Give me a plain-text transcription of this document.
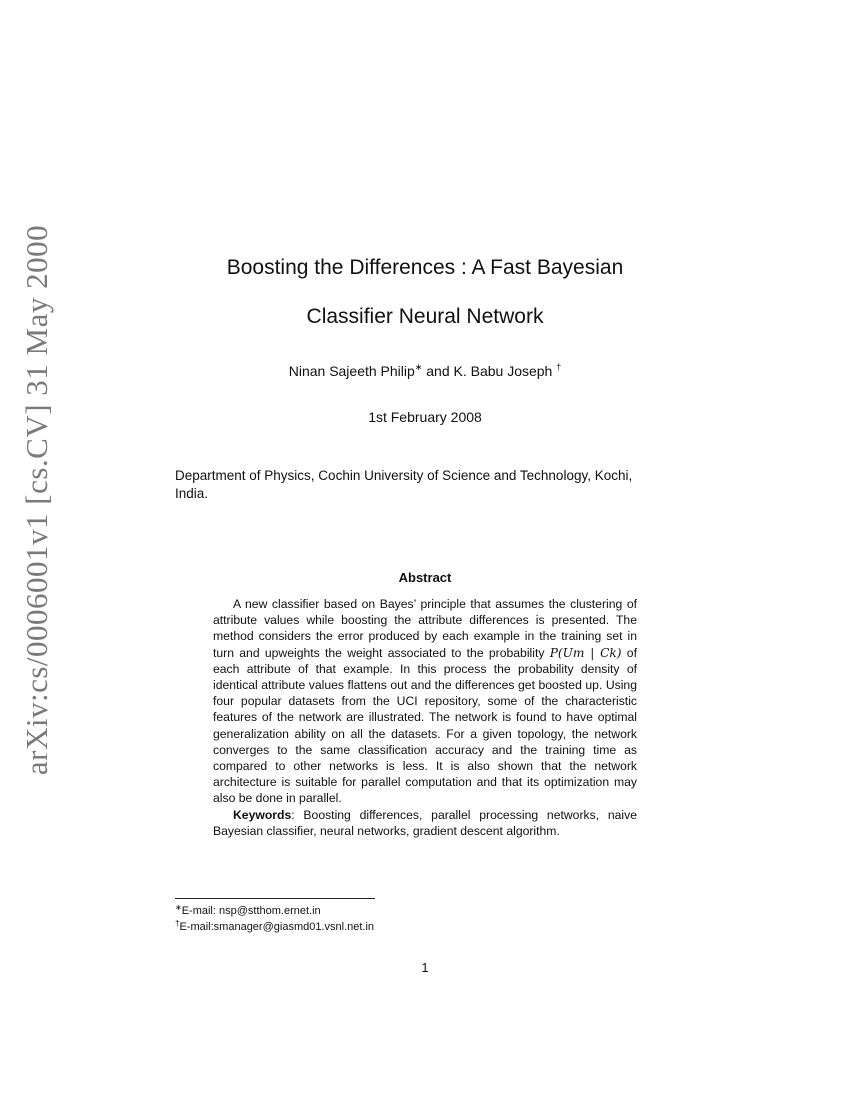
arXiv:cs/0006001v1 [cs.CV] 31 May 2000	Boosting the Differences : A Fast Bayesian
Classifier Neural Network
Ninan Sajeeth Philip∗ and K. Babu Joseph †
1st February 2008
Department of Physics, Cochin University of Science and Technology, Kochi, India.
Abstract

A new classifier based on Bayes’ principle that assumes the clustering of attribute values while boosting the attribute differences is presented. The method considers the error produced by each example in the training set in turn and upweights the weight associated to the probability P(Um | Ck) of each attribute of that example. In this process the probability density of identical attribute values flattens out and the differences get boosted up. Using four popular datasets from the UCI repository, some of the characteristic features of the network are illustrated. The network is found to have optimal generalization ability on all the datasets. For a given topology, the network converges to the same classification accuracy and the training time as compared to other networks is less. It is also shown that the network architecture is suitable for parallel computation and that its optimization may also be done in parallel.

Keywords: Boosting differences, parallel processing networks, naive Bayesian classifier, neural networks, gradient descent algorithm.

∗E-mail: nsp@stthom.ernet.in
†E-mail:smanager@giasmd01.vsnl.net.in
1
